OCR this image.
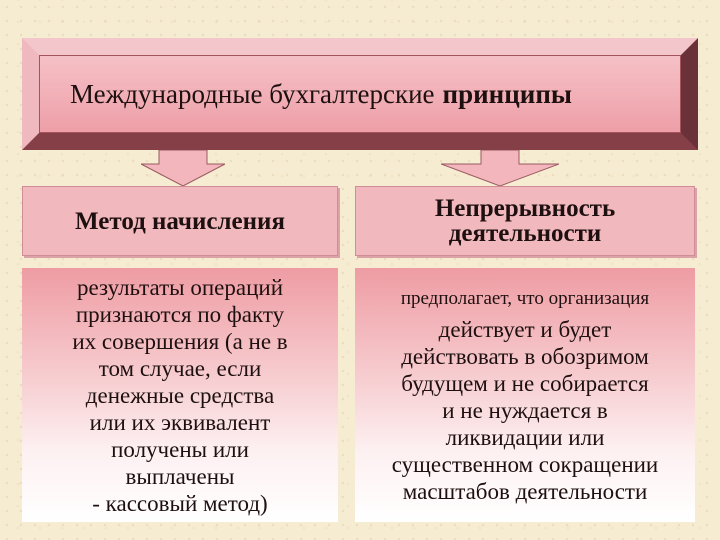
Международные бухгалтерские принципы
Метод начисления	Непрерывность
деятельности
результаты операций
признаются по факту
их совершения (а не в
том случае, если
денежные средства
или их эквивалент
получены или
выплачены
- кассовый метод)
предполагает, что организация
действует и будет
действовать в обозримом
будущем и не собирается
и не нуждается в
ликвидации или
существенном сокращении
масштабов деятельности
